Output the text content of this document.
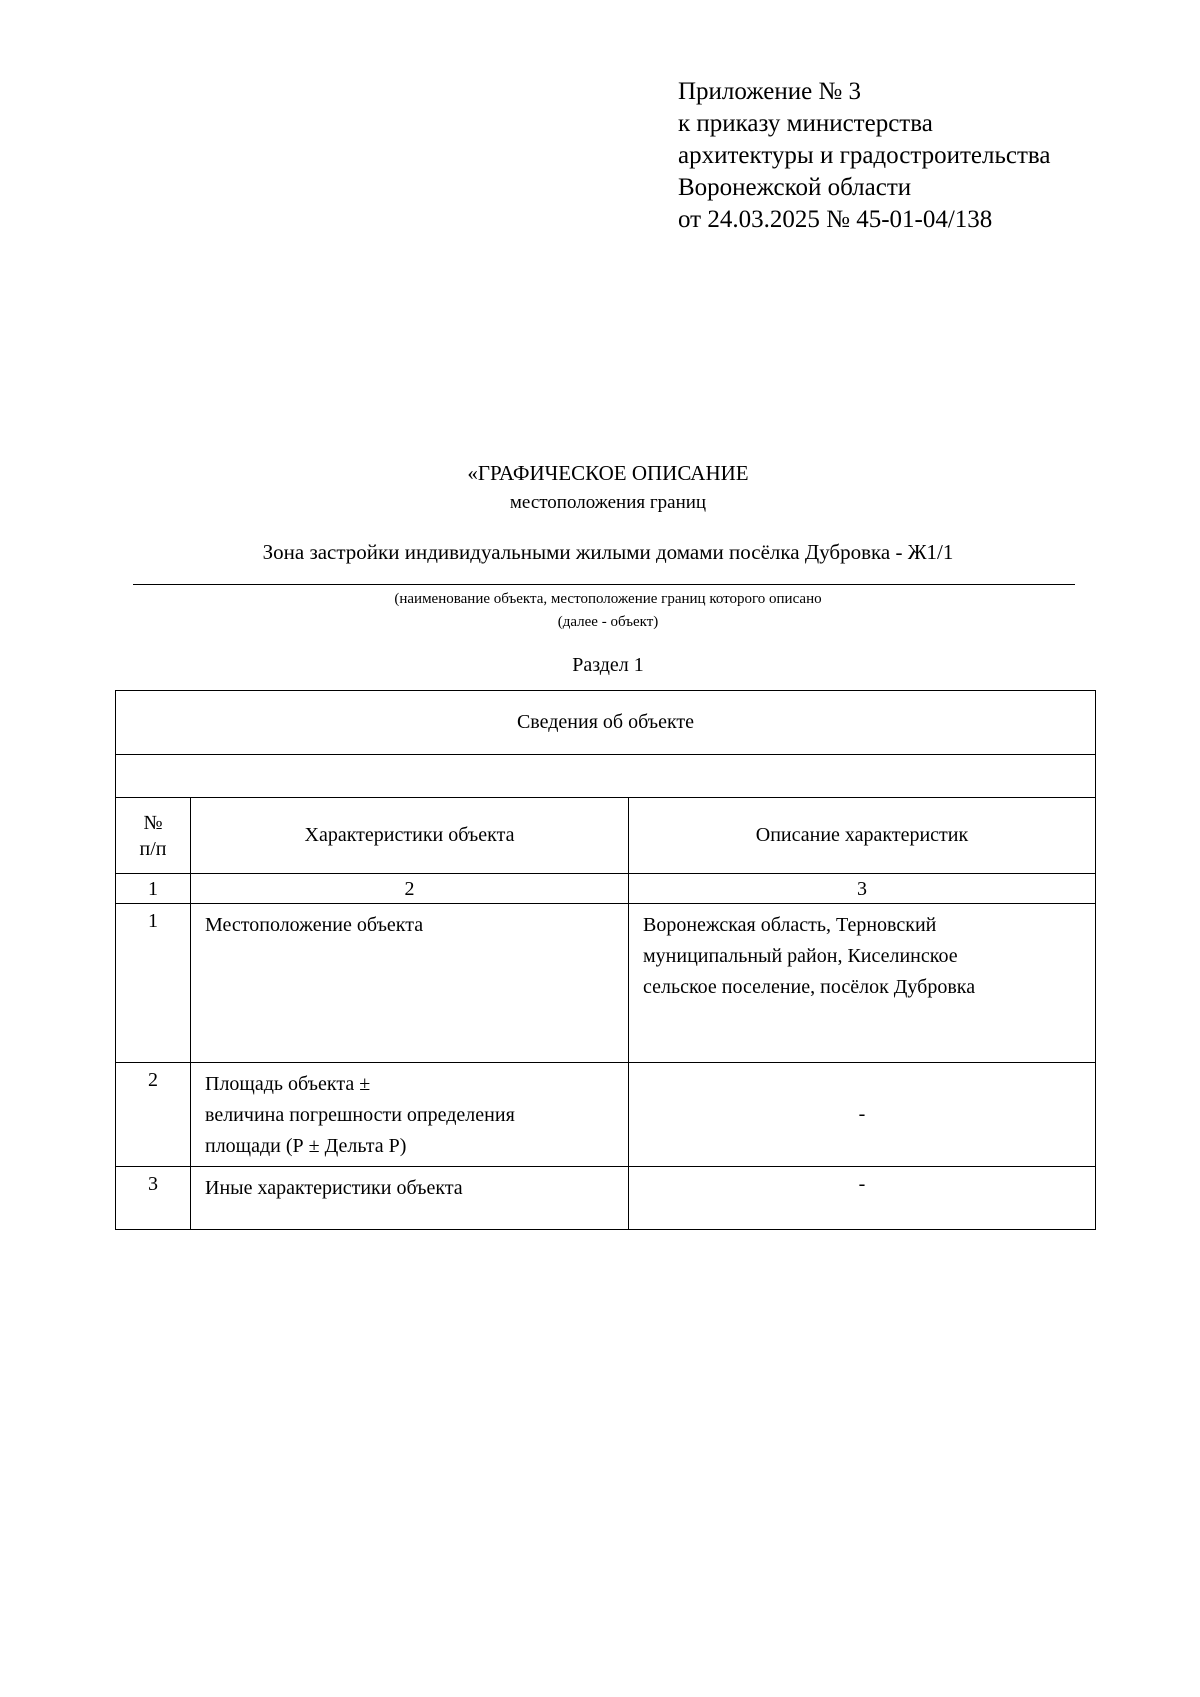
Приложение № 3
к приказу министерства
архитектуры и градостроительства
Воронежской области
от 24.03.2025 № 45-01-04/138
«ГРАФИЧЕСКОЕ ОПИСАНИЕ
местоположения границ
Зона застройки индивидуальными жилыми домами посёлка Дубровка - Ж1/1
(наименование объекта, местоположение границ которого описано
(далее - объект)
Раздел 1
Сведения об объекте		

№
п/п	Характеристики объекта	Описание характеристик
1	2	3
1	Местоположение объекта	Воронежская область, Терновский
муниципальный район, Киселинское
сельское поселение, посёлок Дубровка

2	Площадь объекта ±
величина погрешности определения
площади (Р ± Дельта Р)	-
3	Иные характеристики объекта	-
